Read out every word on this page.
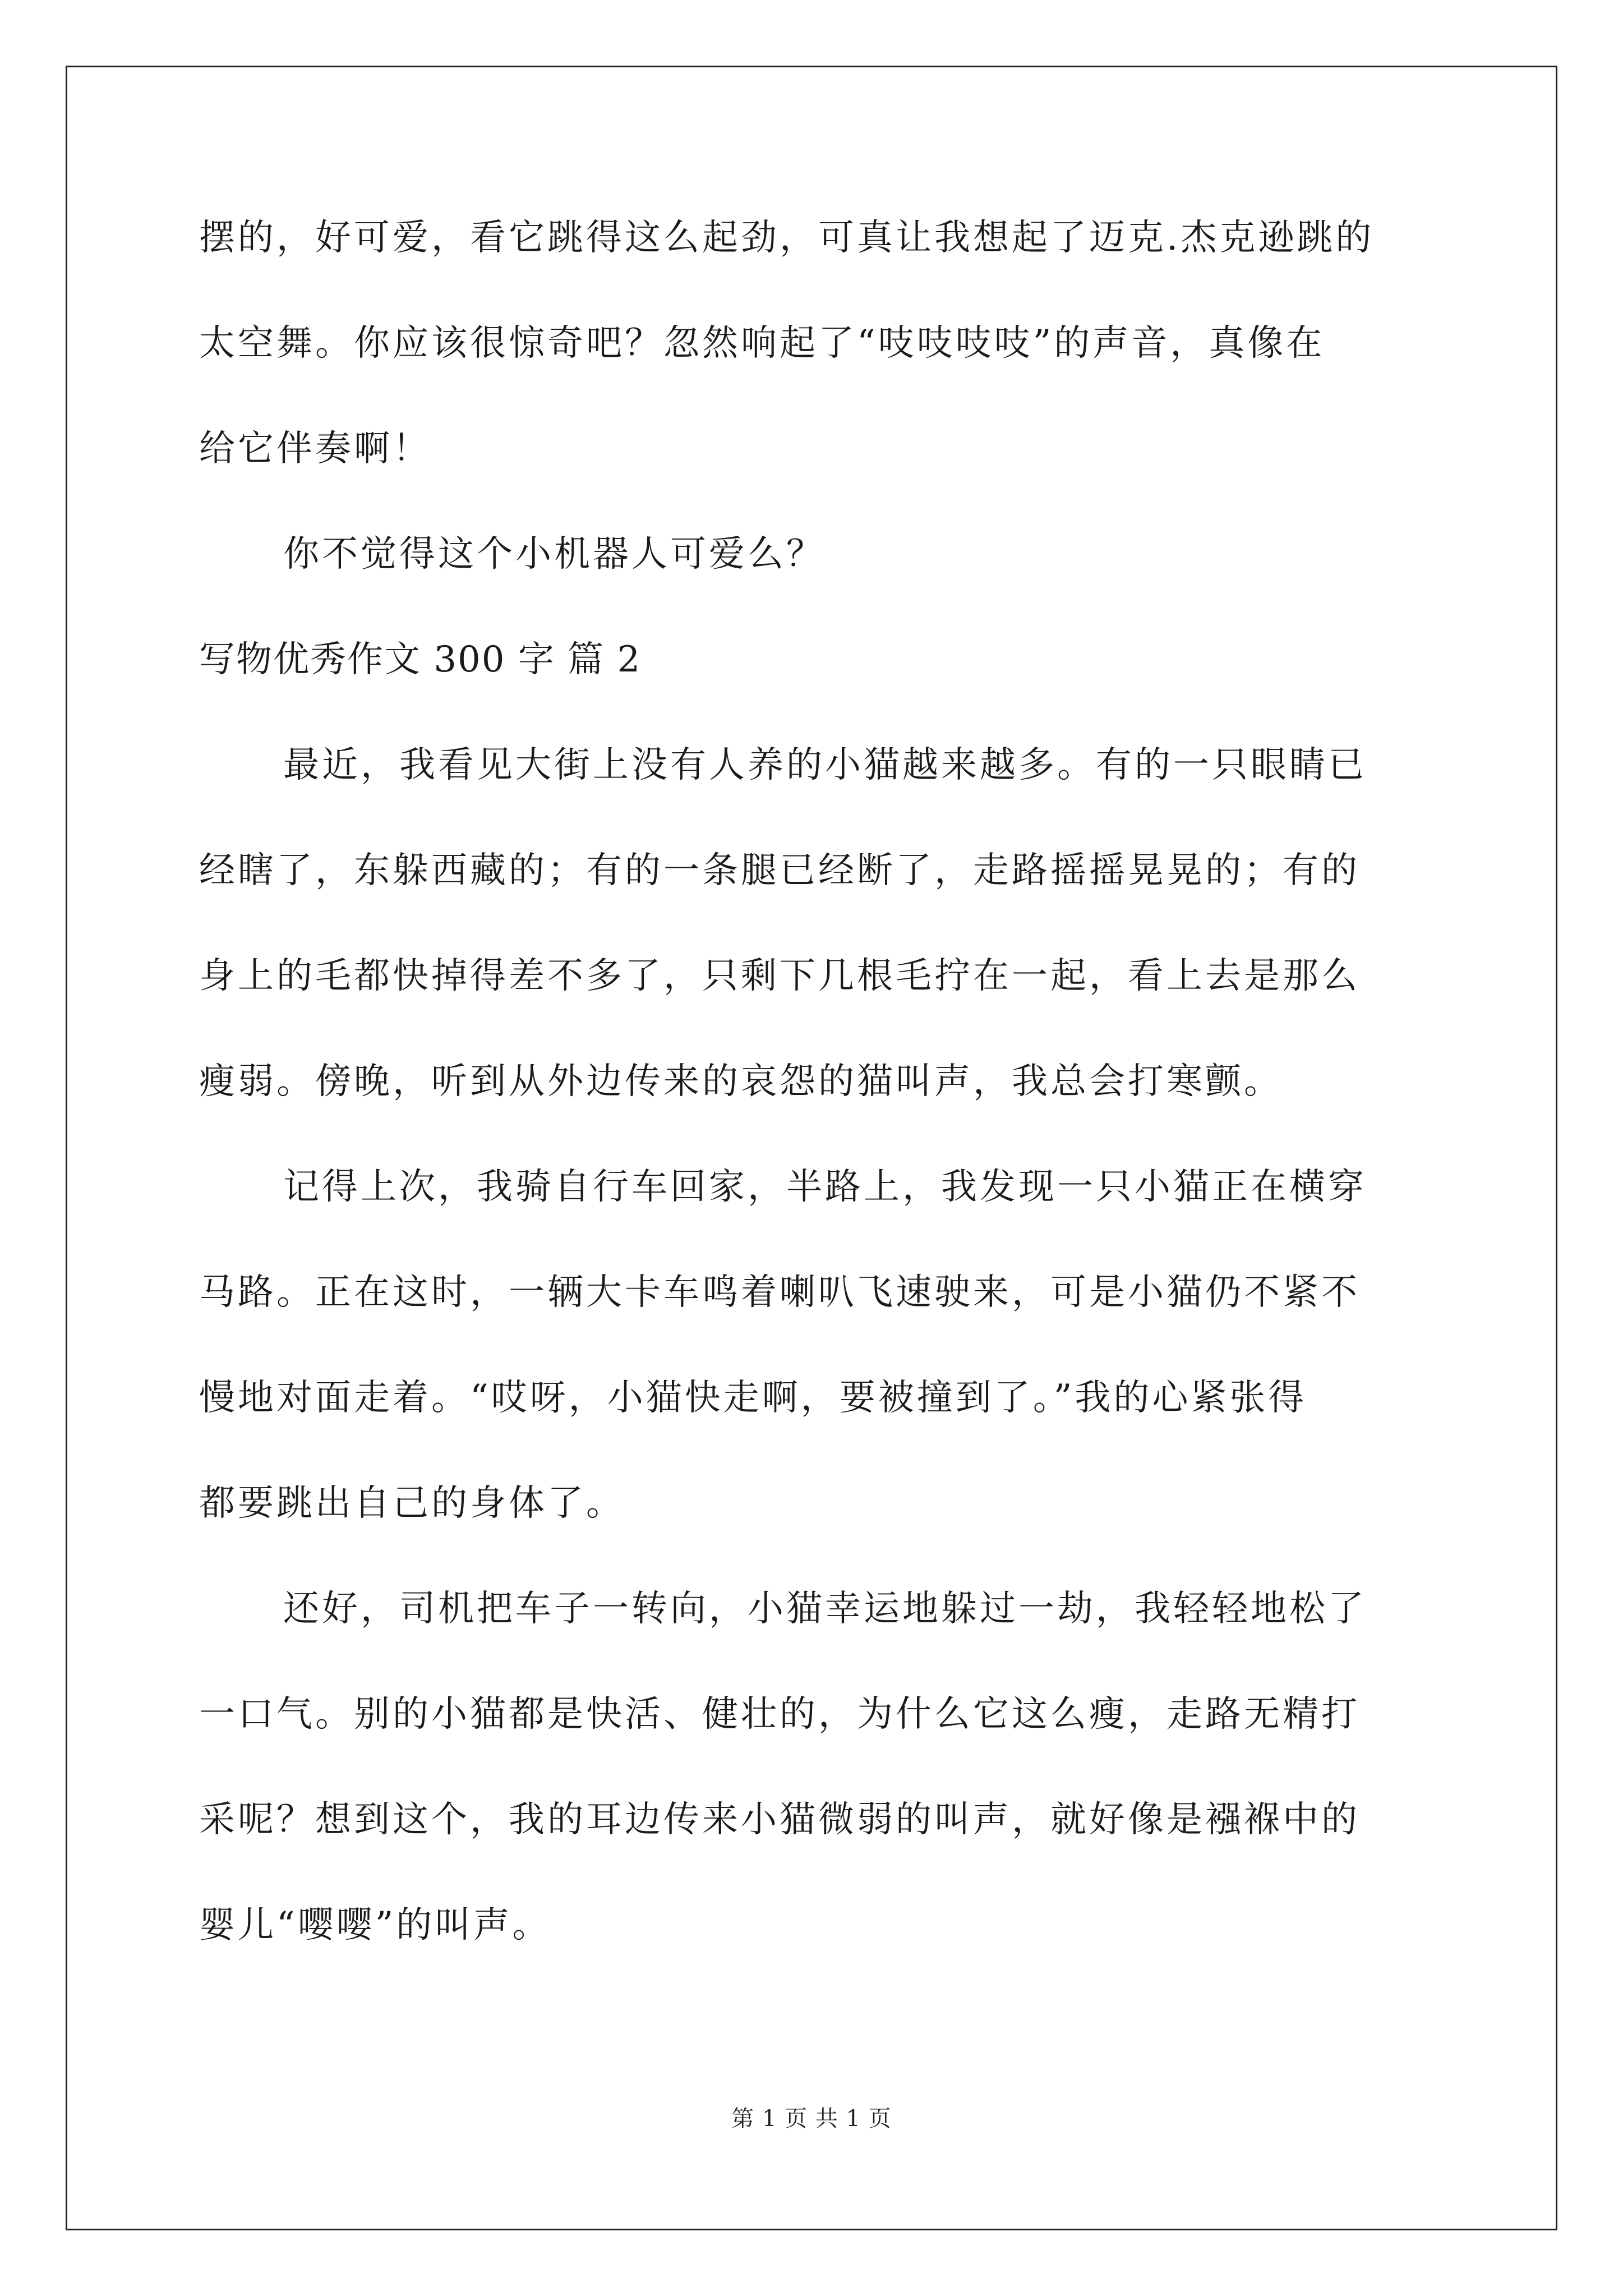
摆的，好可爱，看它跳得这么起劲，可真让我想起了迈克.杰克逊跳的
太空舞。你应该很惊奇吧？忽然响起了“吱吱吱吱”的声音，真像在
给它伴奏啊！
你不觉得这个小机器人可爱么？
写物优秀作文 300 字 篇 2
最近，我看见大街上没有人养的小猫越来越多。有的一只眼睛已
经瞎了，东躲西藏的；有的一条腿已经断了，走路摇摇晃晃的；有的
身上的毛都快掉得差不多了，只剩下几根毛拧在一起，看上去是那么
瘦弱。傍晚，听到从外边传来的哀怨的猫叫声，我总会打寒颤。
记得上次，我骑自行车回家，半路上，我发现一只小猫正在横穿
马路。正在这时，一辆大卡车鸣着喇叭飞速驶来，可是小猫仍不紧不
慢地对面走着。“哎呀，小猫快走啊，要被撞到了。”我的心紧张得
都要跳出自己的身体了。
还好，司机把车子一转向，小猫幸运地躲过一劫，我轻轻地松了
一口气。别的小猫都是快活、健壮的，为什么它这么瘦，走路无精打
采呢？想到这个，我的耳边传来小猫微弱的叫声，就好像是襁褓中的
婴儿“嘤嘤”的叫声。
第 1 页 共 1 页
